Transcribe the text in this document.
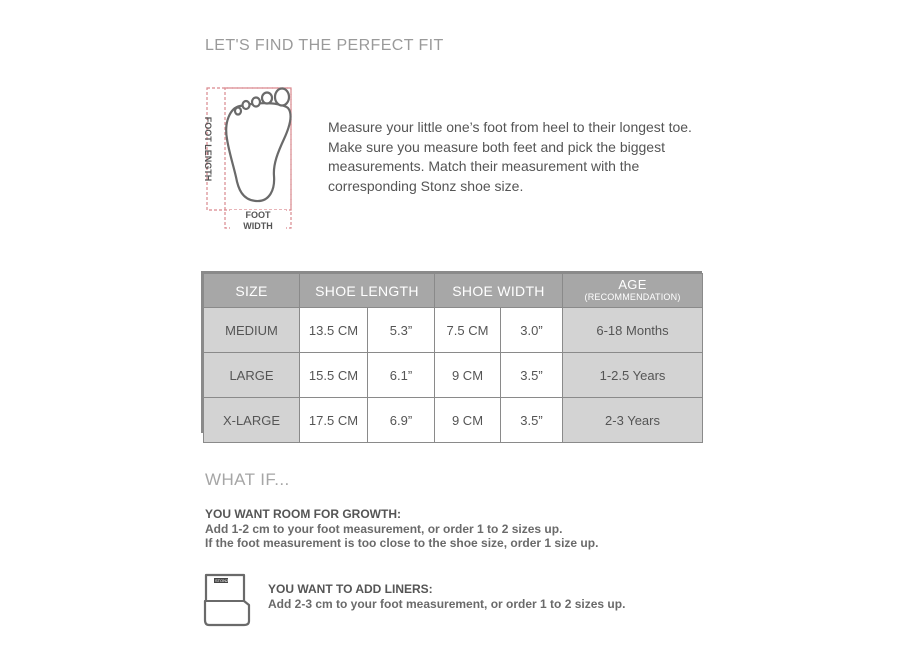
LET'S FIND THE PERFECT FIT
FOOT LENGTH
FOOT
WIDTH
Measure your little one’s foot from heel to their longest toe. Make sure you measure both feet and pick the biggest measurements. Match their measurement with the corresponding Stonz shoe size.
SIZE	SHOE LENGTH		SHOE WIDTH		AGE
(RECOMMENDATION)

MEDIUM	13.5 CM	5.3”	7.5 CM	3.0”	6-18 Months
LARGE	15.5 CM	6.1”	9 CM	3.5”	1-2.5 Years
X-LARGE	17.5 CM	6.9”	9 CM	3.5”	2-3 Years
WHAT IF...
YOU WANT ROOM FOR GROWTH:
Add 1-2 cm to your foot measurement, or order 1 to 2 sizes up.
If the foot measurement is too close to the shoe size, order 1 size up.
STONZ
YOU WANT TO ADD LINERS:
Add 2-3 cm to your foot measurement, or order 1 to 2 sizes up.
